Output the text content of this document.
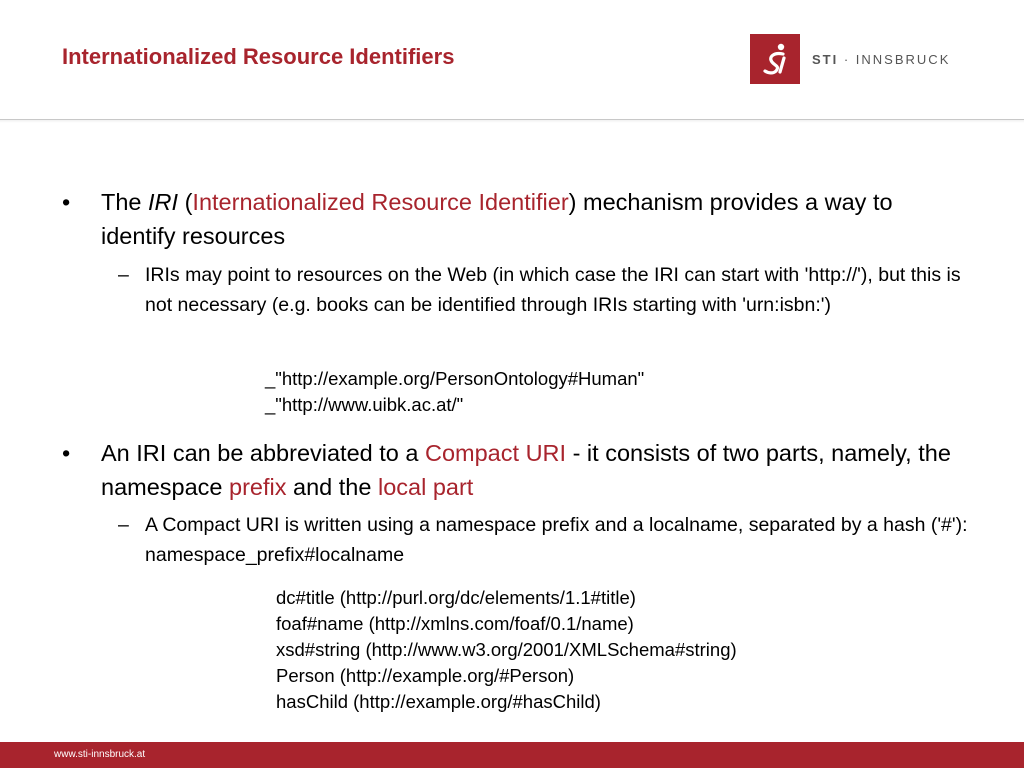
Internationalized Resource Identifiers	STI · INNSBRUCK
• The IRI (Internationalized Resource Identifier) mechanism provides a way to identify resources
– IRIs may point to resources on the Web (in which case the IRI can start with 'http://'), but this is not necessary (e.g. books can be identified through IRIs starting with 'urn:isbn:')
_"http://example.org/PersonOntology#Human"
_"http://www.uibk.ac.at/"
• An IRI can be abbreviated to a Compact URI - it consists of two parts, namely, the namespace prefix and the local part
– A Compact URI is written using a namespace prefix and a localname, separated by a hash ('#'): namespace_prefix#localname
dc#title (http://purl.org/dc/elements/1.1#title)
foaf#name (http://xmlns.com/foaf/0.1/name)
xsd#string (http://www.w3.org/2001/XMLSchema#string)
Person (http://example.org/#Person)
hasChild (http://example.org/#hasChild)
www.sti-innsbruck.at
